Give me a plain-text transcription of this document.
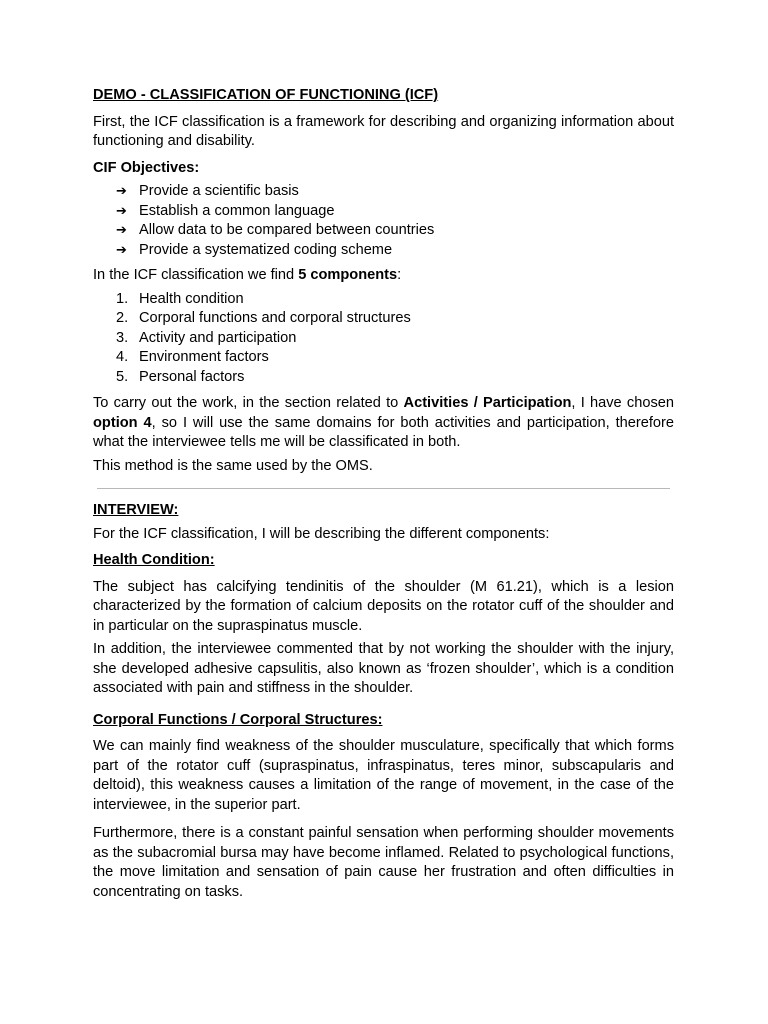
DEMO - CLASSIFICATION OF FUNCTIONING (ICF)

First, the ICF classification is a framework for describing and organizing information about functioning and disability.

CIF Objectives:

➔ Provide a scientific basis
➔ Establish a common language
➔ Allow data to be compared between countries
➔ Provide a systematized coding scheme

In the ICF classification we find 5 components:

1. Health condition
2. Corporal functions and corporal structures
3. Activity and participation
4. Environment factors
5. Personal factors

To carry out the work, in the section related to Activities / Participation, I have chosen option 4, so I will use the same domains for both activities and participation, therefore what the interviewee tells me will be classificated in both.

This method is the same used by the OMS.

INTERVIEW:

For the ICF classification, I will be describing the different components:

Health Condition:

The subject has calcifying tendinitis of the shoulder (M 61.21), which is a lesion characterized by the formation of calcium deposits on the rotator cuff of the shoulder and in particular on the supraspinatus muscle.

In addition, the interviewee commented that by not working the shoulder with the injury, she developed adhesive capsulitis, also known as ‘frozen shoulder’, which is a condition associated with pain and stiffness in the shoulder.

Corporal Functions / Corporal Structures:

We can mainly find weakness of the shoulder musculature, specifically that which forms part of the rotator cuff (supraspinatus, infraspinatus, teres minor, subscapularis and deltoid), this weakness causes a limitation of the range of movement, in the case of the interviewee, in the superior part.

Furthermore, there is a constant painful sensation when performing shoulder movements as the subacromial bursa may have become inflamed. Related to psychological functions, the move limitation and sensation of pain cause her frustration and often difficulties in concentrating on tasks.
